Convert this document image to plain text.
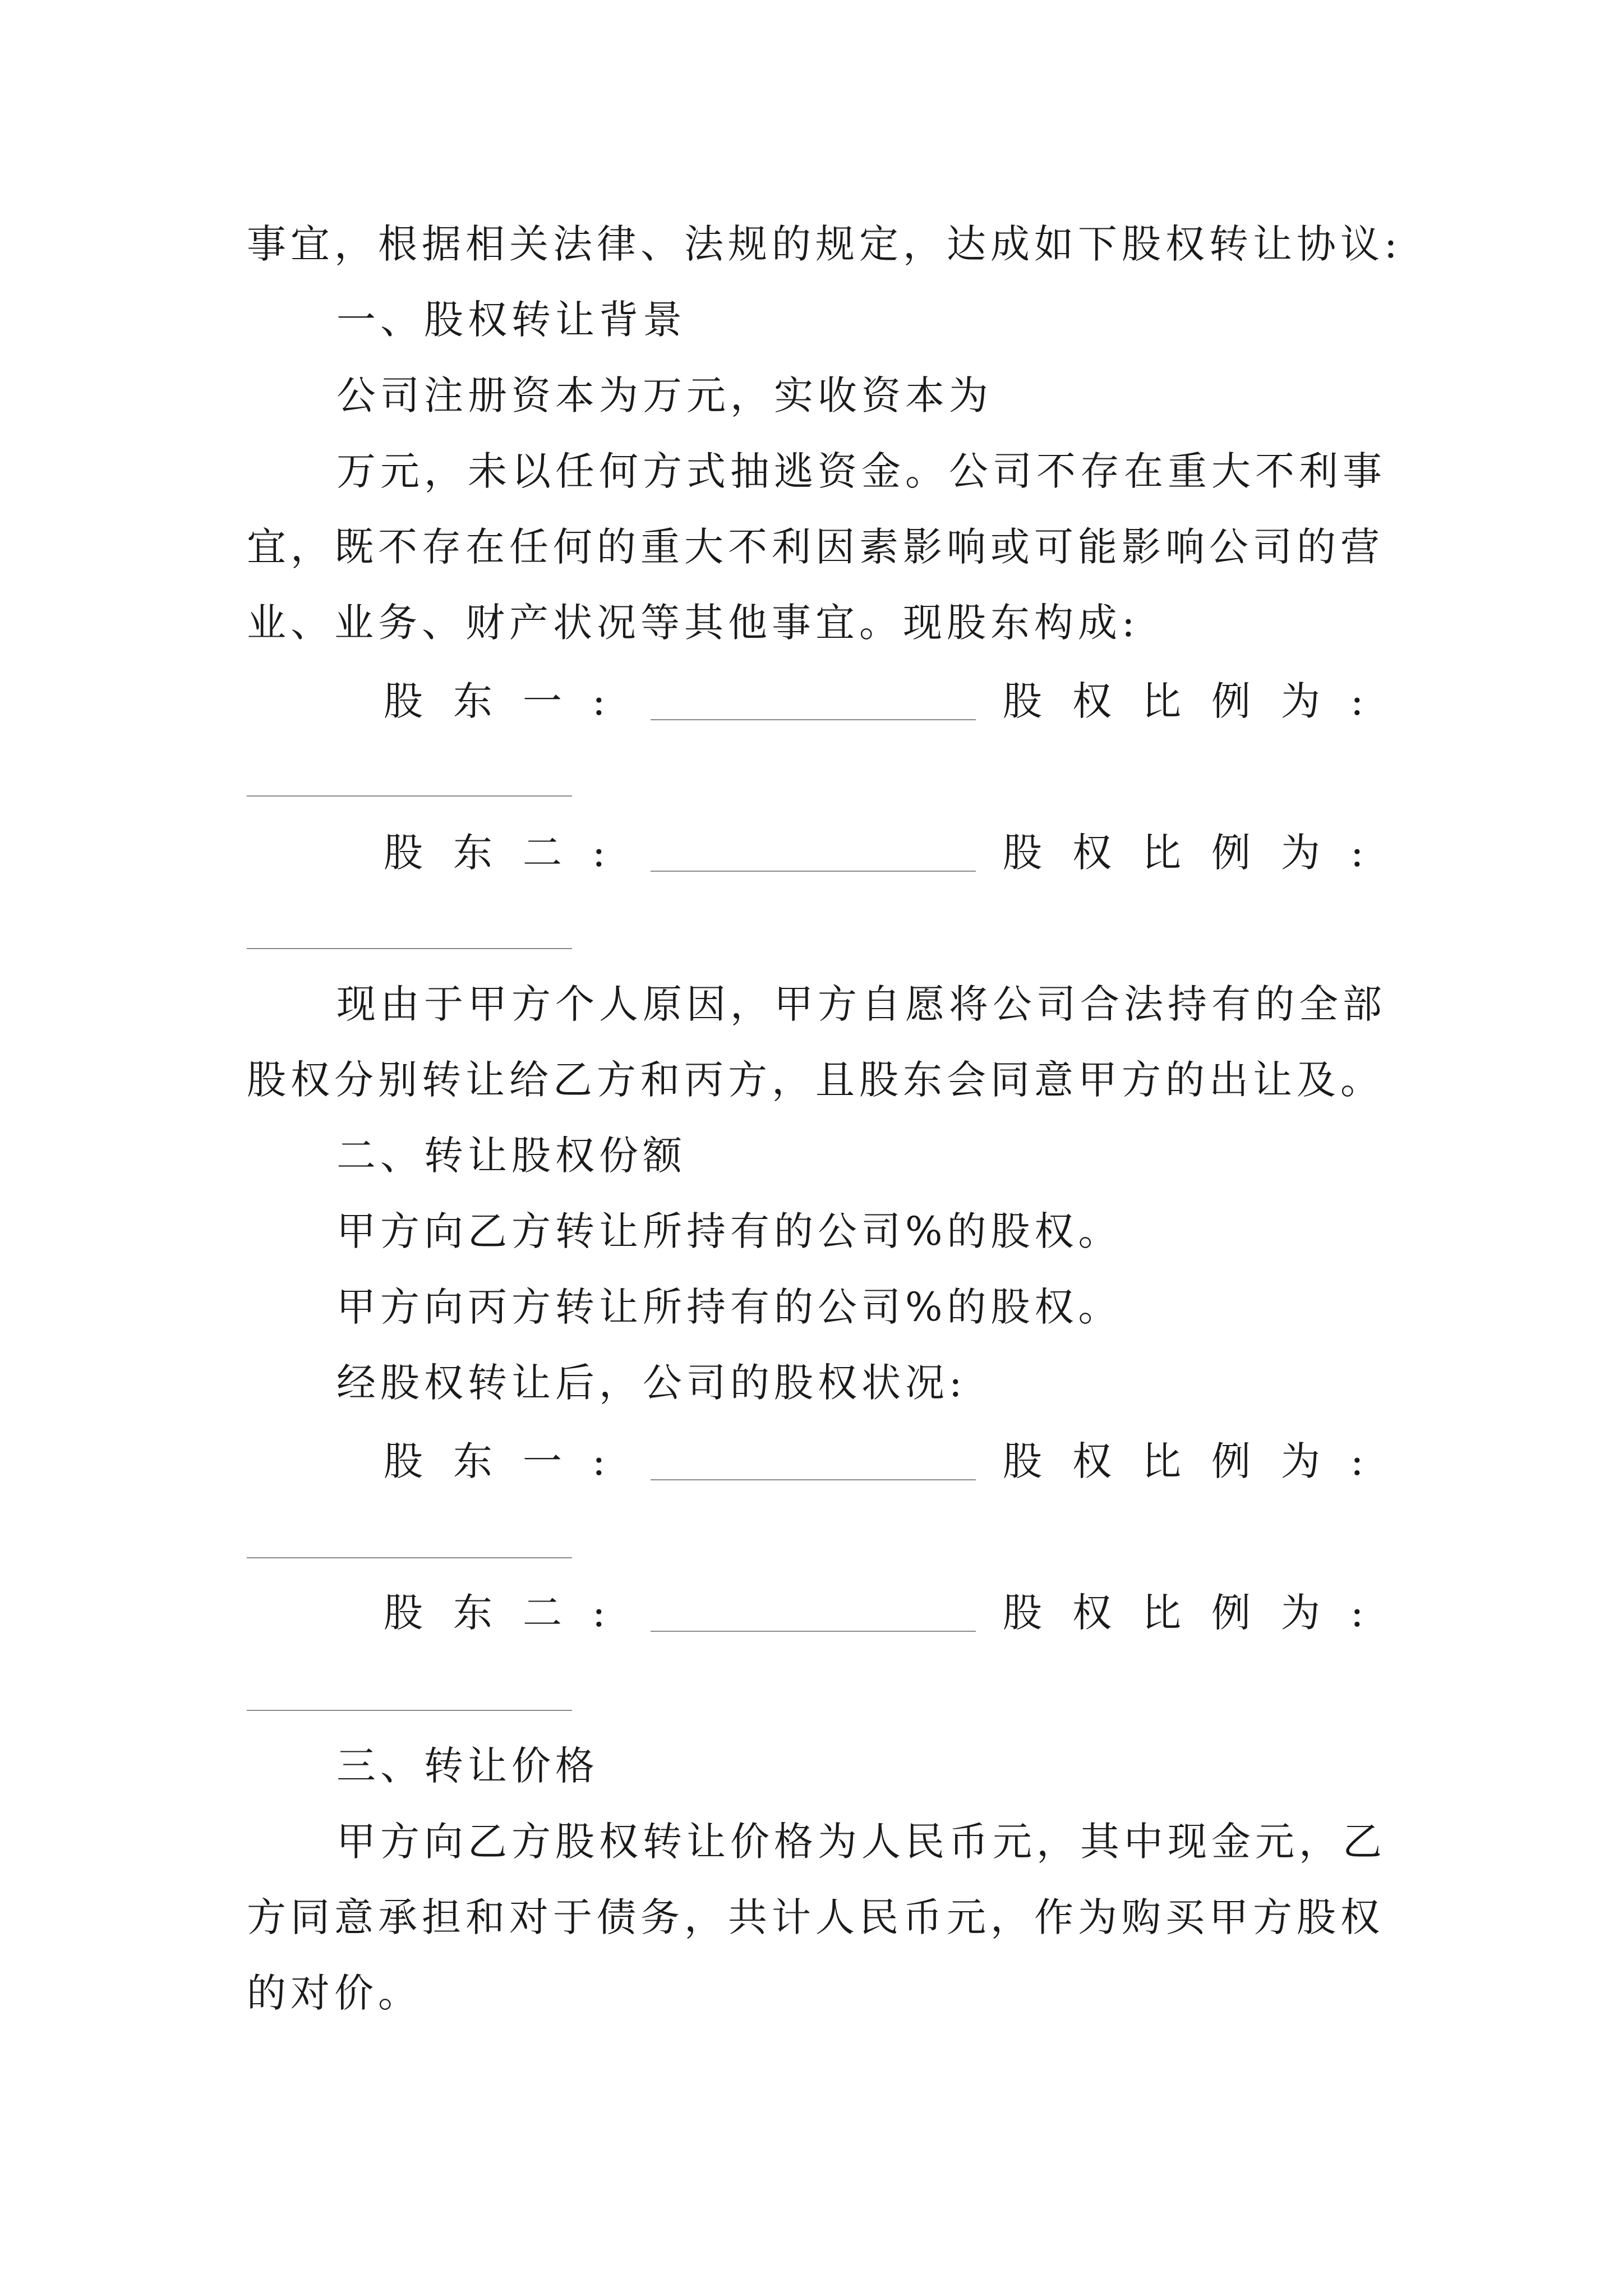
事宜，根据相关法律、法规的规定，达成如下股权转让协议:
一、股权转让背景
公司注册资本为万元，实收资本为
万元，未以任何方式抽逃资金。公司不存在重大不利事
宜，既不存在任何的重大不利因素影响或可能影响公司的营
业、业务、财产状况等其他事宜。现股东构成:
股东一:	股权比例为:
股东二:	股权比例为:
现由于甲方个人原因，甲方自愿将公司合法持有的全部
股权分别转让给乙方和丙方，且股东会同意甲方的出让及。
二、转让股权份额
甲方向乙方转让所持有的公司%的股权。
甲方向丙方转让所持有的公司%的股权。
经股权转让后，公司的股权状况:
股东一:	股权比例为:
股东二:	股权比例为:
三、转让价格
甲方向乙方股权转让价格为人民币元，其中现金元，乙
方同意承担和对于债务，共计人民币元，作为购买甲方股权
的对价。
